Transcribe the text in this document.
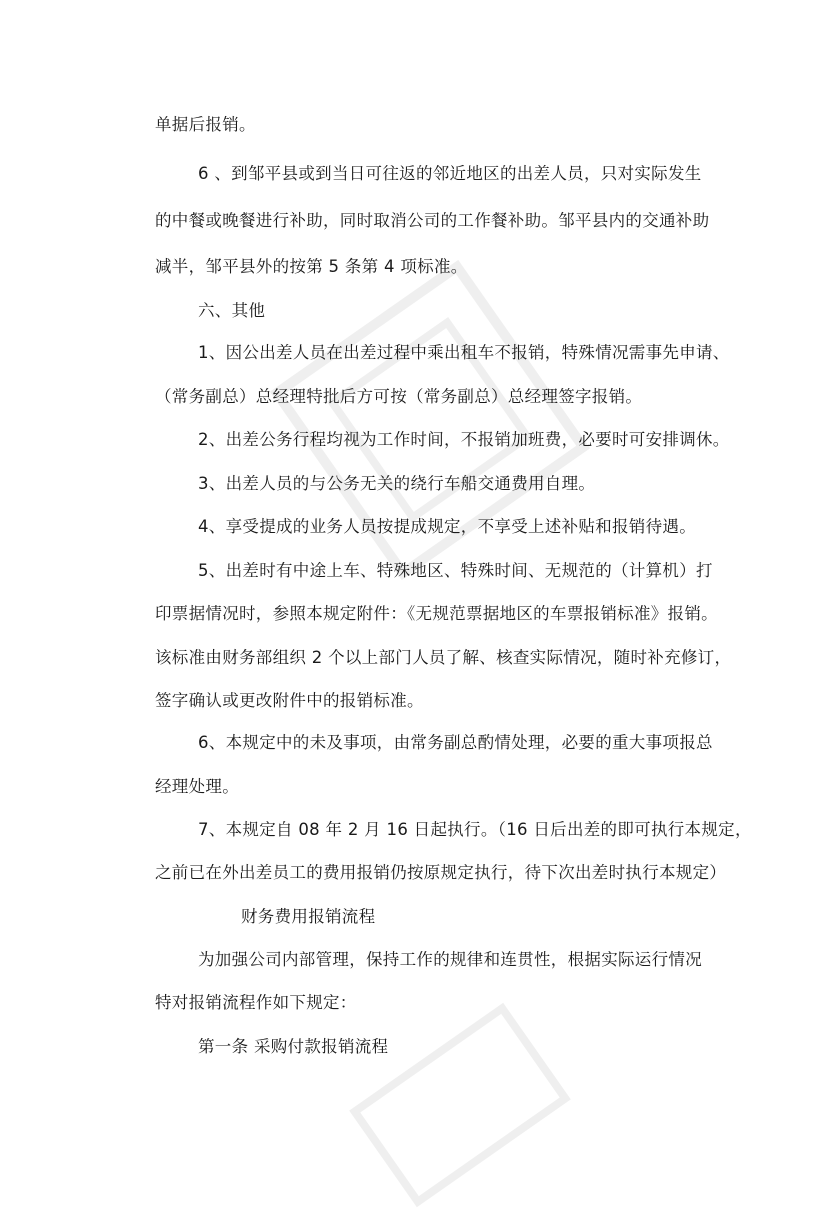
单据后报销。
6 、到邹平县或到当日可往返的邻近地区的出差人员，只对实际发生
的中餐或晚餐进行补助，同时取消公司的工作餐补助。邹平县内的交通补助
减半，邹平县外的按第 5 条第 4 项标准。
六、其他
1、因公出差人员在出差过程中乘出租车不报销，特殊情况需事先申请、
（常务副总）总经理特批后方可按（常务副总）总经理签字报销。
2、出差公务行程均视为工作时间，不报销加班费，必要时可安排调休。
3、出差人员的与公务无关的绕行车船交通费用自理。
4、享受提成的业务人员按提成规定，不享受上述补贴和报销待遇。
5、出差时有中途上车、特殊地区、特殊时间、无规范的（计算机）打
印票据情况时，参照本规定附件：《无规范票据地区的车票报销标准》报销。
该标准由财务部组织 2 个以上部门人员了解、核查实际情况，随时补充修订，
签字确认或更改附件中的报销标准。
6、本规定中的未及事项，由常务副总酌情处理，必要的重大事项报总
经理处理。
7、本规定自 08 年 2 月 16 日起执行。（16 日后出差的即可执行本规定，
之前已在外出差员工的费用报销仍按原规定执行，待下次出差时执行本规定）
财务费用报销流程
为加强公司内部管理，保持工作的规律和连贯性，根据实际运行情况
特对报销流程作如下规定：
第一条 采购付款报销流程
